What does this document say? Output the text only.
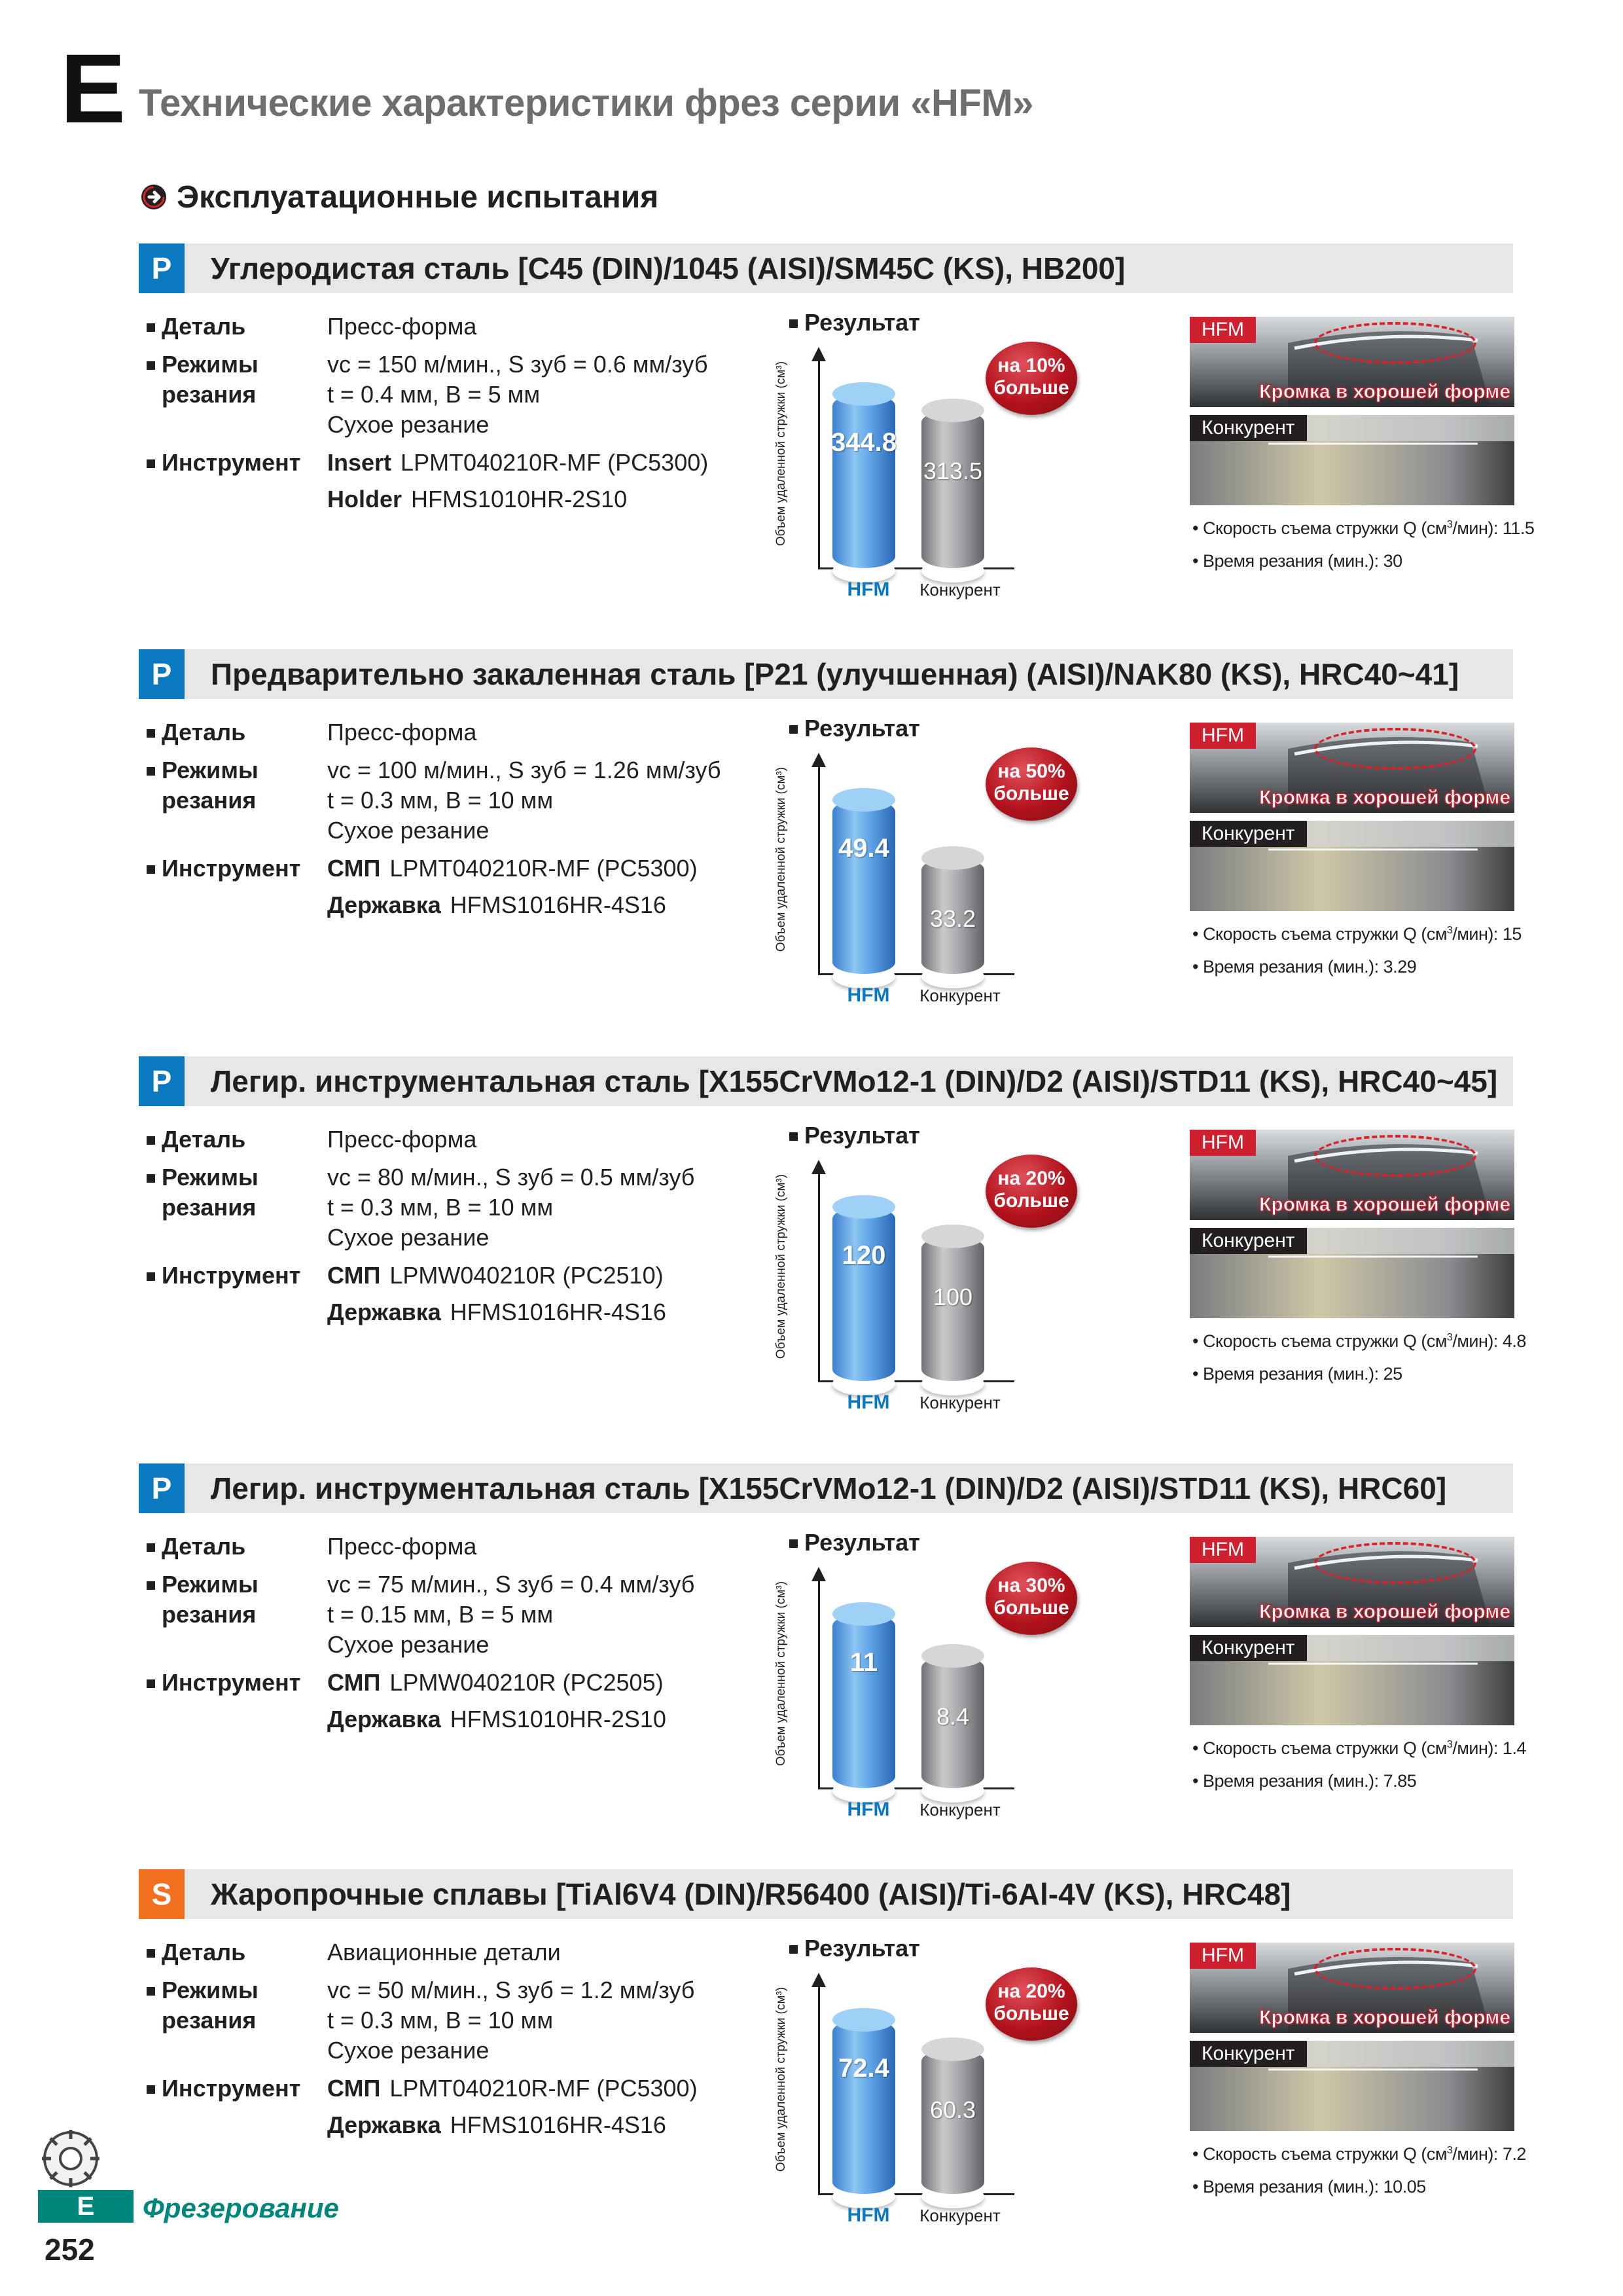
E Технические характеристики фрез серии «HFM»
Эксплуатационные испытания
P	Углеродистая сталь [C45 (DIN)/1045 (AISI)/SM45C (KS), HB200]
Деталь	Пресс-форма
Режимы
резания
vc = 150 м/мин., S зуб = 0.6 мм/зуб
t = 0.4 мм, B = 5 мм
Сухое резание
Инструмент Insert LPMT040210R-MF (PC5300)
Holder HFMS1010HR-2S10
Результат
Объем удаленной стружки (см³) 344.8
313.5
HFM	Конкурент
на 10%
больше
HFM
Кромка в хорошей форме
Конкурент
• Скорость съема стружки Q $(см^3/мин)$: 11.5
• Время резания (мин.): 30
P	Предварительно закаленная сталь [P21 (улучшенная) (AISI)/NAK80 (KS), HRC40~41]
Деталь	Пресс-форма
Режимы
резания
vc = 100 м/мин., S зуб = 1.26 мм/зуб
t = 0.3 мм, B = 10 мм
Сухое резание
Инструмент СМП LPMT040210R-MF (PC5300)
Державка HFMS1016HR-4S16
Результат
Объем удаленной стружки (см³)	49.4
33.2
HFM	Конкурент
на 50%
больше
HFM
Кромка в хорошей форме
Конкурент
• Скорость съема стружки Q $(см^3/мин)$: 15
• Время резания (мин.): 3.29
P	Легир. инструментальная сталь [X155CrVMo12-1 (DIN)/D2 (AISI)/STD11 (KS), HRC40~45]
Деталь	Пресс-форма
Режимы
резания
vc = 80 м/мин., S зуб = 0.5 мм/зуб
t = 0.3 мм, B = 10 мм
Сухое резание
Инструмент СМП LPMW040210R (PC2510)
Державка HFMS1016HR-4S16
Результат
Объем удаленной стружки (см³)	120
100
HFM	Конкурент
на 20%
больше
HFM
Кромка в хорошей форме
Конкурент
• Скорость съема стружки Q $(см^3/мин)$: 4.8
• Время резания (мин.): 25
P	Легир. инструментальная сталь [X155CrVMo12-1 (DIN)/D2 (AISI)/STD11 (KS), HRC60]
Деталь	Пресс-форма
Режимы
резания
vc = 75 м/мин., S зуб = 0.4 мм/зуб
t = 0.15 мм, B = 5 мм
Сухое резание
Инструмент СМП LPMW040210R (PC2505)
Державка HFMS1010HR-2S10
Результат
Объем удаленной стружки (см³)	11
8.4
HFM	Конкурент
на 30%
больше
HFM
Кромка в хорошей форме
Конкурент
• Скорость съема стружки Q $(см^3/мин)$: 1.4
• Время резания (мин.): 7.85
S	Жаропрочные сплавы [TiAl6V4 (DIN)/R56400 (AISI)/Ti-6Al-4V (KS), HRC48]
Деталь	Авиационные детали
Режимы
резания
vc = 50 м/мин., S зуб = 1.2 мм/зуб
t = 0.3 мм, B = 10 мм
Сухое резание
Инструмент СМП LPMT040210R-MF (PC5300)
Державка HFMS1016HR-4S16
Результат
Объем удаленной стружки (см³)	72.4
60.3
HFM	Конкурент
на 20%
больше
HFM
Кромка в хорошей форме
Конкурент
• Скорость съема стружки Q $(см^3/мин)$: 7.2
• Время резания (мин.): 10.05
E	Фрезерование
252
